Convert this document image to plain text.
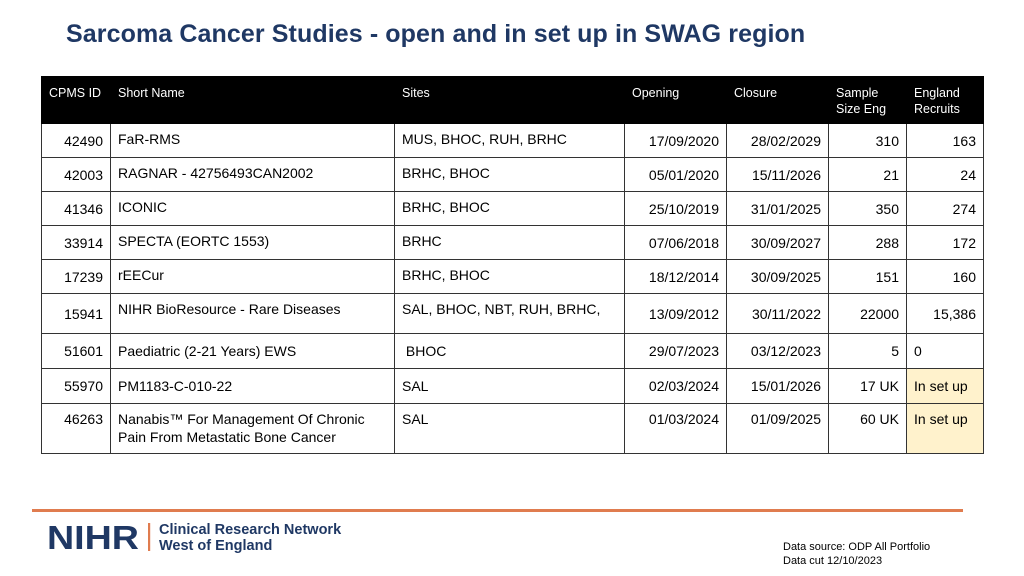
Sarcoma Cancer Studies - open and in set up in SWAG region
CPMS ID	Short Name	Sites	Opening	Closure	Sample Size Eng	England Recruits
42490	FaR-RMS	MUS, BHOC, RUH, BRHC	17/09/2020	28/02/2029	310	163
42003	RAGNAR - 42756493CAN2002	BRHC, BHOC	05/01/2020	15/11/2026	21	24
41346	ICONIC	BRHC, BHOC	25/10/2019	31/01/2025	350	274
33914	SPECTA (EORTC 1553)	BRHC	07/06/2018	30/09/2027	288	172
17239	rEECur	BRHC, BHOC	18/12/2014	30/09/2025	151	160
15941	NIHR BioResource - Rare Diseases	SAL, BHOC, NBT, RUH, BRHC,	13/09/2012	30/11/2022	22000	15,386
51601	Paediatric (2-21 Years) EWS	BHOC	29/07/2023	03/12/2023	5	0
55970	PM1183-C-010-22	SAL	02/03/2024	15/01/2026	17 UK	In set up
46263	Nanabis™ For Management Of Chronic Pain From Metastatic Bone Cancer	SAL	01/03/2024	01/09/2025	60 UK	In set up
NIHR Clinical Research Network
West of England	Data source: ODP All Portfolio
Data cut 12/10/2023
